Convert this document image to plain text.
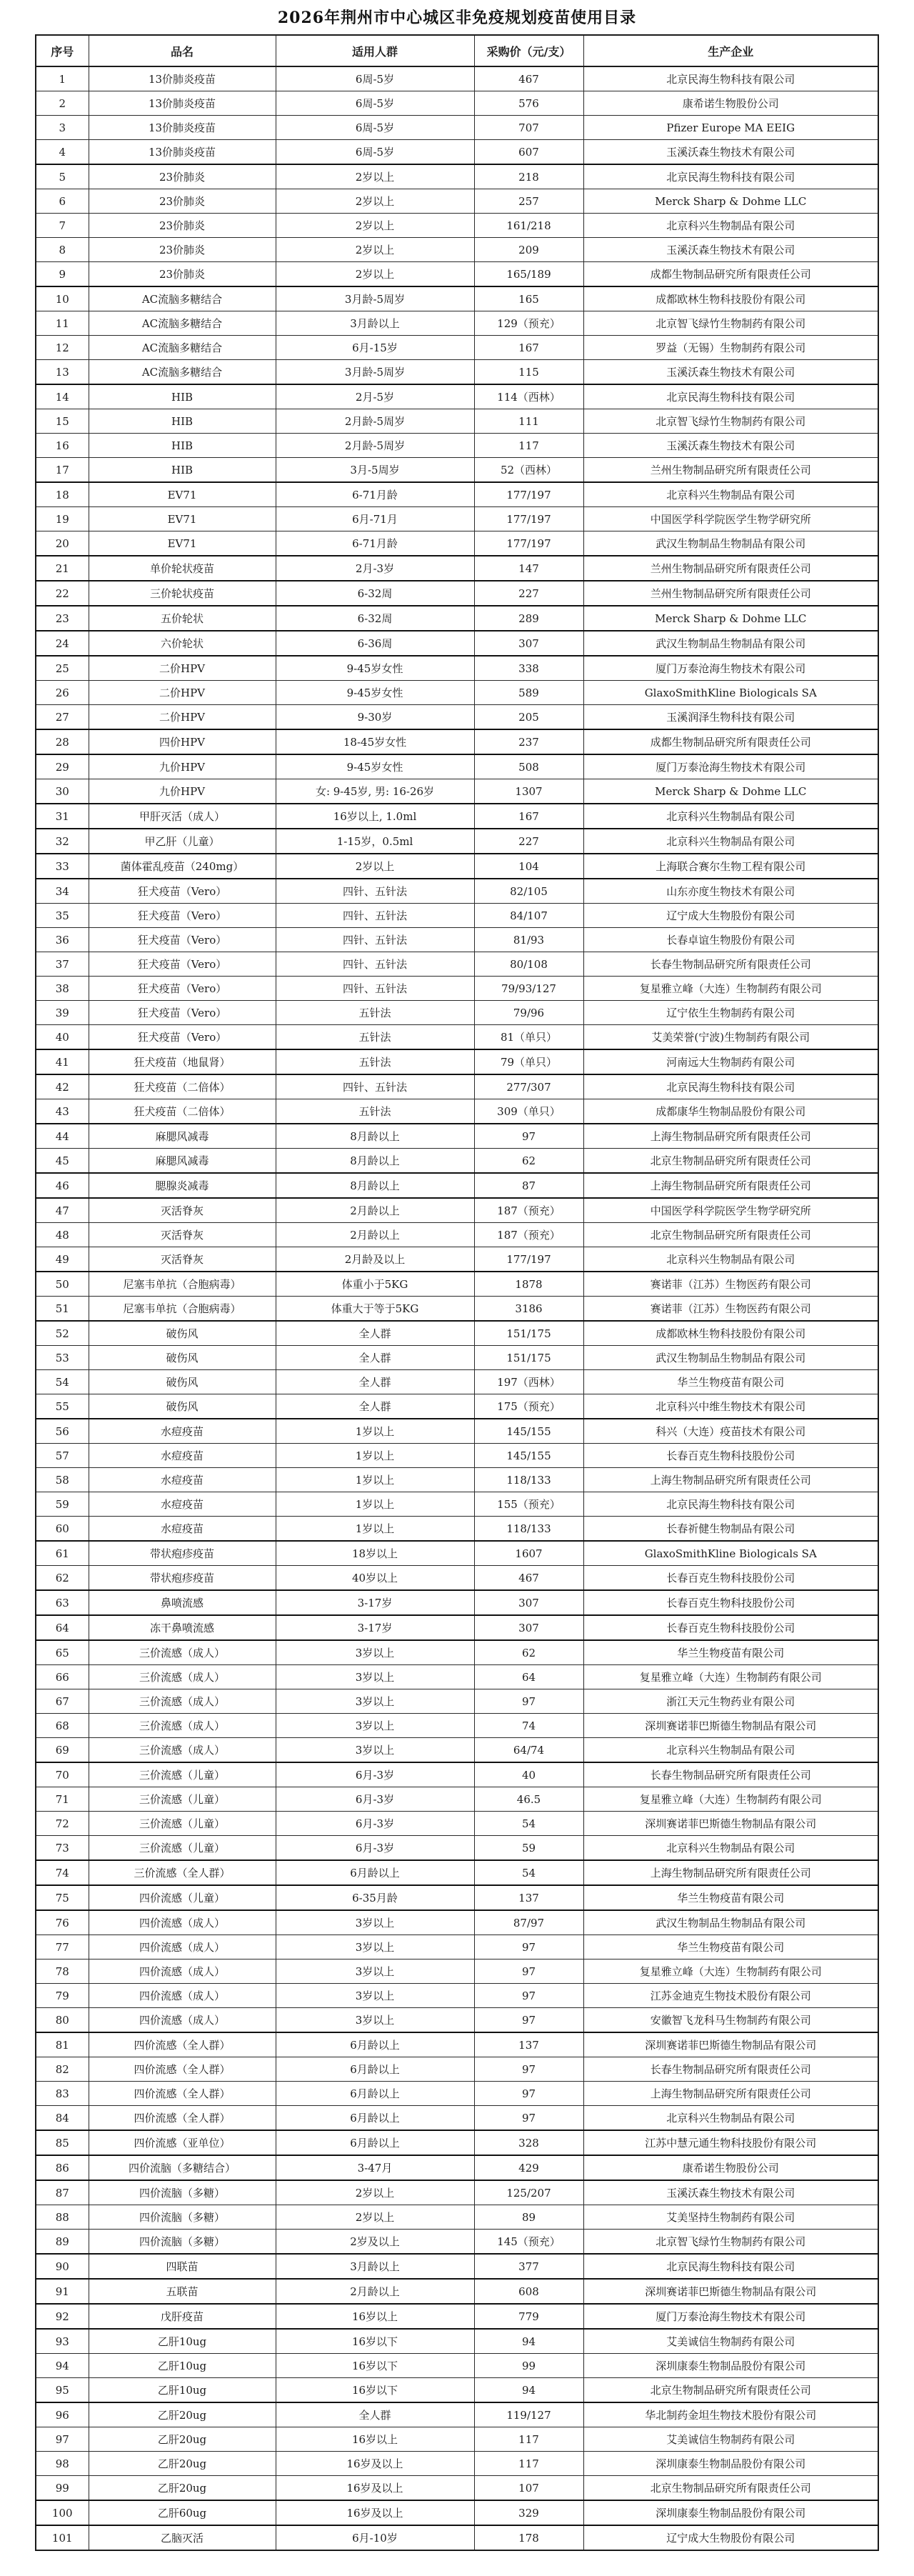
2026年荆州市中心城区非免疫规划疫苗使用目录
序号	品名	适用人群	采购价（元/支）	生产企业
1	13价肺炎疫苗	6周-5岁	467	北京民海生物科技有限公司
2	13价肺炎疫苗	6周-5岁	576	康希诺生物股份公司
3	13价肺炎疫苗	6周-5岁	707	Pfizer Europe MA EEIG
4	13价肺炎疫苗	6周-5岁	607	玉溪沃森生物技术有限公司
5	23价肺炎	2岁以上	218	北京民海生物科技有限公司
6	23价肺炎	2岁以上	257	Merck Sharp & Dohme LLC
7	23价肺炎	2岁以上	161/218	北京科兴生物制品有限公司
8	23价肺炎	2岁以上	209	玉溪沃森生物技术有限公司
9	23价肺炎	2岁以上	165/189	成都生物制品研究所有限责任公司
10	AC流脑多糖结合	3月龄-5周岁	165	成都欧林生物科技股份有限公司
11	AC流脑多糖结合	3月龄以上	129（预充）	北京智飞绿竹生物制药有限公司
12	AC流脑多糖结合	6月-15岁	167	罗益（无锡）生物制药有限公司
13	AC流脑多糖结合	3月龄-5周岁	115	玉溪沃森生物技术有限公司
14	HIB	2月-5岁	114（西林）	北京民海生物科技有限公司
15	HIB	2月龄-5周岁	111	北京智飞绿竹生物制药有限公司
16	HIB	2月龄-5周岁	117	玉溪沃森生物技术有限公司
17	HIB	3月-5周岁	52（西林）	兰州生物制品研究所有限责任公司
18	EV71	6-71月龄	177/197	北京科兴生物制品有限公司
19	EV71	6月-71月	177/197	中国医学科学院医学生物学研究所
20	EV71	6-71月龄	177/197	武汉生物制品生物制品有限公司
21	单价轮状疫苗	2月-3岁	147	兰州生物制品研究所有限责任公司
22	三价轮状疫苗	6-32周	227	兰州生物制品研究所有限责任公司
23	五价轮状	6-32周	289	Merck Sharp & Dohme LLC
24	六价轮状	6-36周	307	武汉生物制品生物制品有限公司
25	二价HPV	9-45岁女性	338	厦门万泰沧海生物技术有限公司
26	二价HPV	9-45岁女性	589	GlaxoSmithKline Biologicals SA
27	二价HPV	9-30岁	205	玉溪润泽生物科技有限公司
28	四价HPV	18-45岁女性	237	成都生物制品研究所有限责任公司
29	九价HPV	9-45岁女性	508	厦门万泰沧海生物技术有限公司
30	九价HPV	女: 9-45岁, 男: 16-26岁	1307	Merck Sharp & Dohme LLC
31	甲肝灭活（成人）	16岁以上, 1.0ml	167	北京科兴生物制品有限公司
32	甲乙肝（儿童）	1-15岁，0.5ml	227	北京科兴生物制品有限公司
33	菌体霍乱疫苗（240mg）	2岁以上	104	上海联合赛尔生物工程有限公司
34	狂犬疫苗（Vero）	四针、五针法	82/105	山东亦度生物技术有限公司
35	狂犬疫苗（Vero）	四针、五针法	84/107	辽宁成大生物股份有限公司
36	狂犬疫苗（Vero）	四针、五针法	81/93	长春卓谊生物股份有限公司
37	狂犬疫苗（Vero）	四针、五针法	80/108	长春生物制品研究所有限责任公司
38	狂犬疫苗（Vero）	四针、五针法	79/93/127	复星雅立峰（大连）生物制药有限公司
39	狂犬疫苗（Vero）	五针法	79/96	辽宁依生生物制药有限公司
40	狂犬疫苗（Vero）	五针法	81（单只）	艾美荣誉(宁波)生物制药有限公司
41	狂犬疫苗（地鼠肾）	五针法	79（单只）	河南远大生物制药有限公司
42	狂犬疫苗（二倍体）	四针、五针法	277/307	北京民海生物科技有限公司
43	狂犬疫苗（二倍体）	五针法	309（单只）	成都康华生物制品股份有限公司
44	麻腮风减毒	8月龄以上	97	上海生物制品研究所有限责任公司
45	麻腮风减毒	8月龄以上	62	北京生物制品研究所有限责任公司
46	腮腺炎减毒	8月龄以上	87	上海生物制品研究所有限责任公司
47	灭活脊灰	2月龄以上	187（预充）	中国医学科学院医学生物学研究所
48	灭活脊灰	2月龄以上	187（预充）	北京生物制品研究所有限责任公司
49	灭活脊灰	2月龄及以上	177/197	北京科兴生物制品有限公司
50	尼塞韦单抗（合胞病毒）	体重小于5KG	1878	赛诺菲（江苏）生物医药有限公司
51	尼塞韦单抗（合胞病毒）	体重大于等于5KG	3186	赛诺菲（江苏）生物医药有限公司
52	破伤风	全人群	151/175	成都欧林生物科技股份有限公司
53	破伤风	全人群	151/175	武汉生物制品生物制品有限公司
54	破伤风	全人群	197（西林）	华兰生物疫苗有限公司
55	破伤风	全人群	175（预充）	北京科兴中维生物技术有限公司
56	水痘疫苗	1岁以上	145/155	科兴（大连）疫苗技术有限公司
57	水痘疫苗	1岁以上	145/155	长春百克生物科技股份公司
58	水痘疫苗	1岁以上	118/133	上海生物制品研究所有限责任公司
59	水痘疫苗	1岁以上	155（预充）	北京民海生物科技有限公司
60	水痘疫苗	1岁以上	118/133	长春祈健生物制品有限公司
61	带状疱疹疫苗	18岁以上	1607	GlaxoSmithKline Biologicals SA
62	带状疱疹疫苗	40岁以上	467	长春百克生物科技股份公司
63	鼻喷流感	3-17岁	307	长春百克生物科技股份公司
64	冻干鼻喷流感	3-17岁	307	长春百克生物科技股份公司
65	三价流感（成人）	3岁以上	62	华兰生物疫苗有限公司
66	三价流感（成人）	3岁以上	64	复星雅立峰（大连）生物制药有限公司
67	三价流感（成人）	3岁以上	97	浙江天元生物药业有限公司
68	三价流感（成人）	3岁以上	74	深圳赛诺菲巴斯德生物制品有限公司
69	三价流感（成人）	3岁以上	64/74	北京科兴生物制品有限公司
70	三价流感（儿童）	6月-3岁	40	长春生物制品研究所有限责任公司
71	三价流感（儿童）	6月-3岁	46.5	复星雅立峰（大连）生物制药有限公司
72	三价流感（儿童）	6月-3岁	54	深圳赛诺菲巴斯德生物制品有限公司
73	三价流感（儿童）	6月-3岁	59	北京科兴生物制品有限公司
74	三价流感（全人群）	6月龄以上	54	上海生物制品研究所有限责任公司
75	四价流感（儿童）	6-35月龄	137	华兰生物疫苗有限公司
76	四价流感（成人）	3岁以上	87/97	武汉生物制品生物制品有限公司
77	四价流感（成人）	3岁以上	97	华兰生物疫苗有限公司
78	四价流感（成人）	3岁以上	97	复星雅立峰（大连）生物制药有限公司
79	四价流感（成人）	3岁以上	97	江苏金迪克生物技术股份有限公司
80	四价流感（成人）	3岁以上	97	安徽智飞龙科马生物制药有限公司
81	四价流感（全人群）	6月龄以上	137	深圳赛诺菲巴斯德生物制品有限公司
82	四价流感（全人群）	6月龄以上	97	长春生物制品研究所有限责任公司
83	四价流感（全人群）	6月龄以上	97	上海生物制品研究所有限责任公司
84	四价流感（全人群）	6月龄以上	97	北京科兴生物制品有限公司
85	四价流感（亚单位）	6月龄以上	328	江苏中慧元通生物科技股份有限公司
86	四价流脑（多糖结合）	3-47月	429	康希诺生物股份公司
87	四价流脑（多糖）	2岁以上	125/207	玉溪沃森生物技术有限公司
88	四价流脑（多糖）	2岁以上	89	艾美坚持生物制药有限公司
89	四价流脑（多糖）	2岁及以上	145（预充）	北京智飞绿竹生物制药有限公司
90	四联苗	3月龄以上	377	北京民海生物科技有限公司
91	五联苗	2月龄以上	608	深圳赛诺菲巴斯德生物制品有限公司
92	戊肝疫苗	16岁以上	779	厦门万泰沧海生物技术有限公司
93	乙肝10ug	16岁以下	94	艾美诚信生物制药有限公司
94	乙肝10ug	16岁以下	99	深圳康泰生物制品股份有限公司
95	乙肝10ug	16岁以下	94	北京生物制品研究所有限责任公司
96	乙肝20ug	全人群	119/127	华北制药金坦生物技术股份有限公司
97	乙肝20ug	16岁以上	117	艾美诚信生物制药有限公司
98	乙肝20ug	16岁及以上	117	深圳康泰生物制品股份有限公司
99	乙肝20ug	16岁及以上	107	北京生物制品研究所有限责任公司
100	乙肝60ug	16岁及以上	329	深圳康泰生物制品股份有限公司
101	乙脑灭活	6月-10岁	178	辽宁成大生物股份有限公司
